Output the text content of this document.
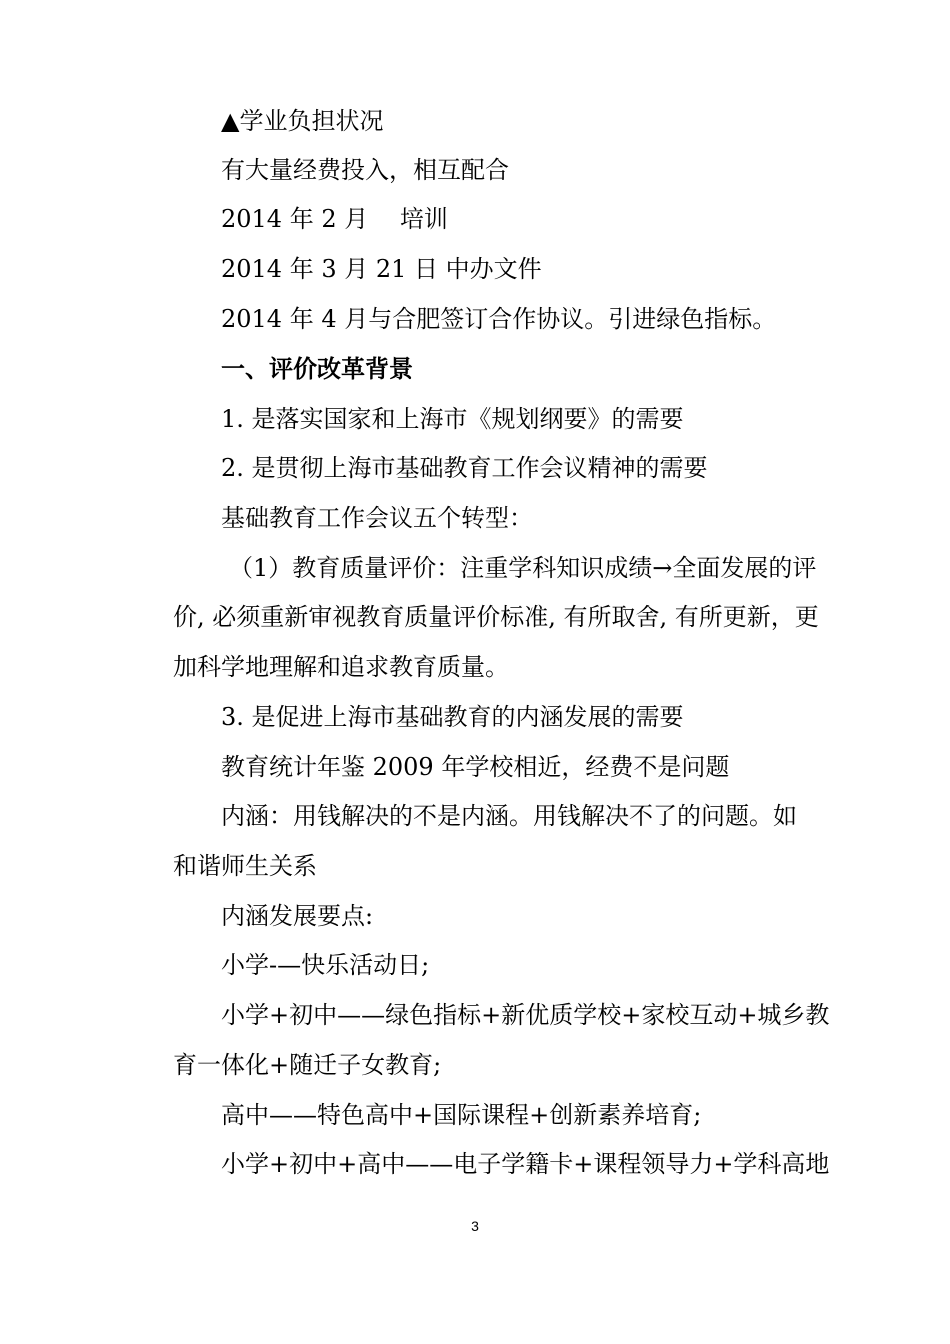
▲学业负担状况
有大量经费投入，相互配合
2014 年 2 月　 培训
2014 年 3 月 21 日 中办文件
2014 年 4 月与合肥签订合作协议。引进绿色指标。
一、评价改革背景
1. 是落实国家和上海市《规划纲要》的需要
2. 是贯彻上海市基础教育工作会议精神的需要
基础教育工作会议五个转型：
（1）教育质量评价：注重学科知识成绩→全面发展的评
价, 必须重新审视教育质量评价标准, 有所取舍, 有所更新，更
加科学地理解和追求教育质量。
3. 是促进上海市基础教育的内涵发展的需要
教育统计年鉴 2009 年学校相近，经费不是问题
内涵：用钱解决的不是内涵。用钱解决不了的问题。如
和谐师生关系
内涵发展要点:
小学-—快乐活动日;
小学+初中——绿色指标+新优质学校+家校互动+城乡教
育一体化+随迁子女教育;
高中——特色高中+国际课程+创新素养培育;
小学+初中+高中——电子学籍卡+课程领导力+学科高地
3
